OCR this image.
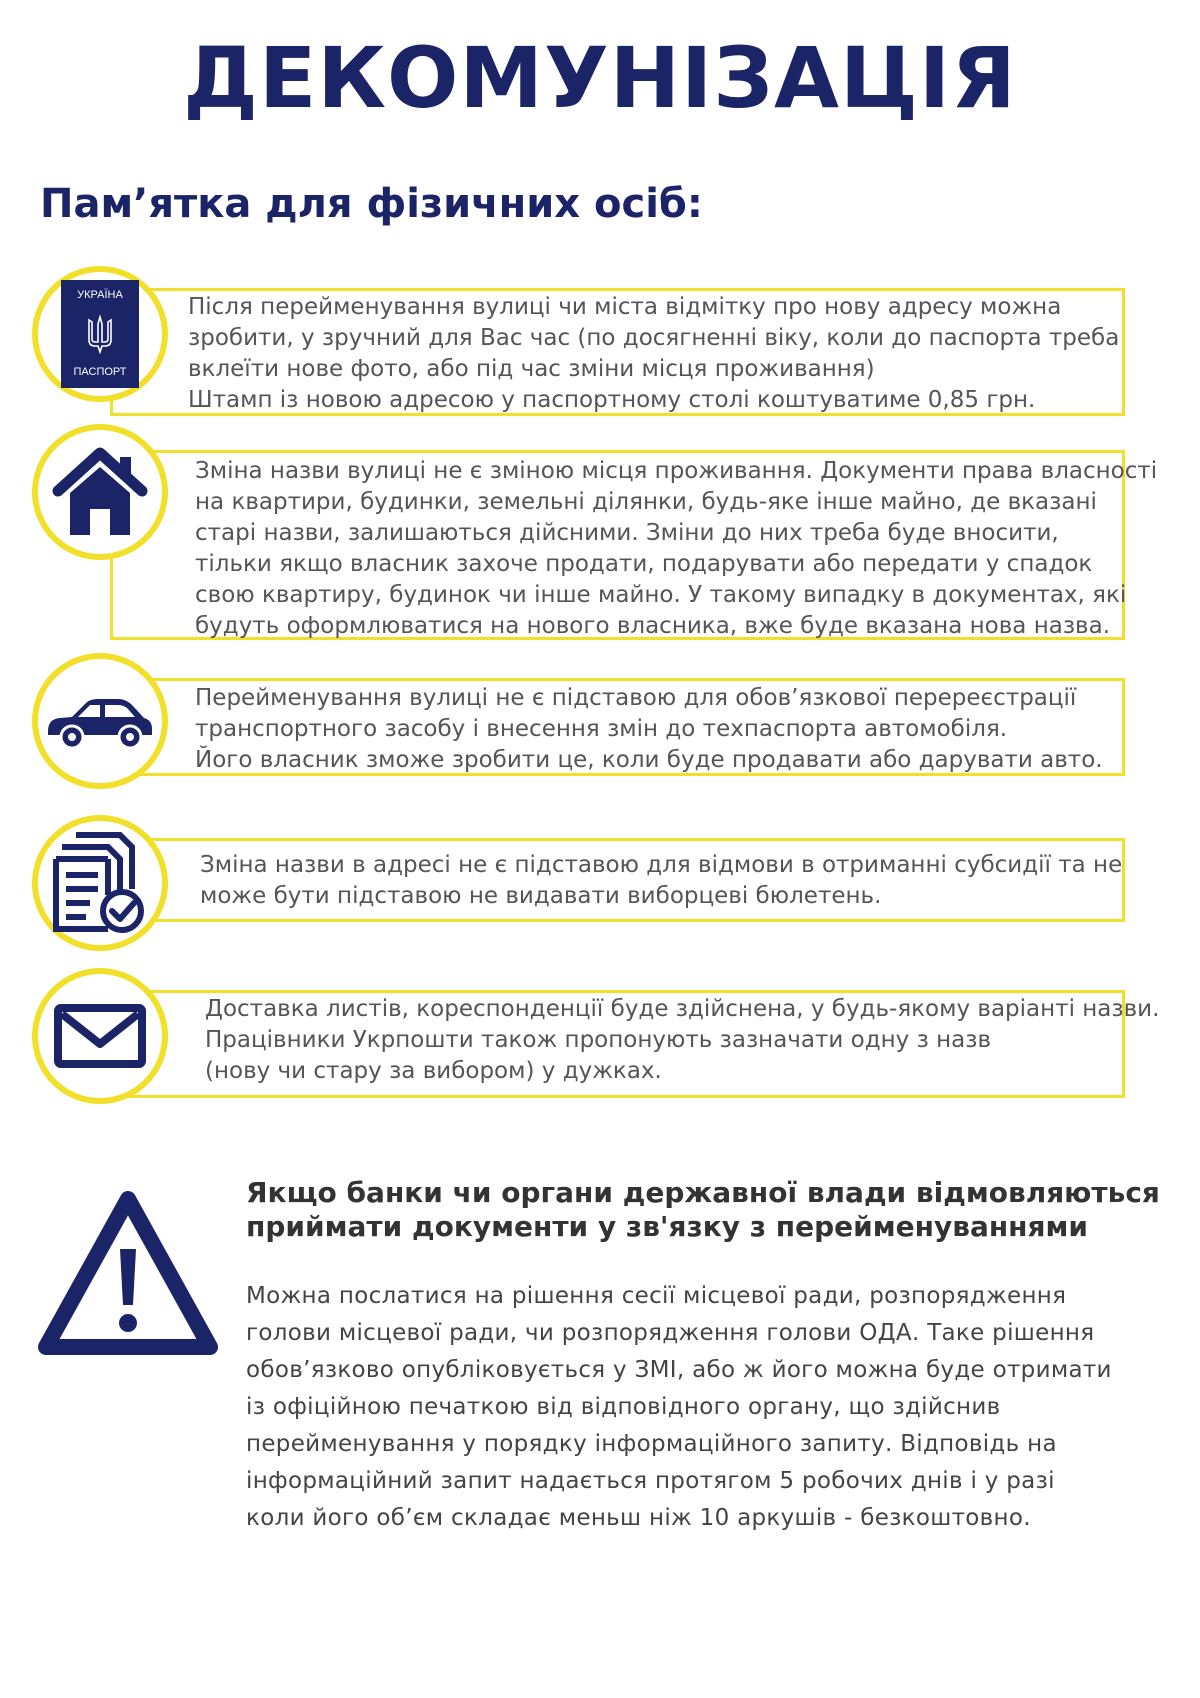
ДЕКОМУНІЗАЦІЯ
Пам’ятка для фізичних осіб:
УКРАЇНА
ПАСПОРТ
Після перейменування вулиці чи міста відмітку про нову адресу можна
зробити, у зручний для Вас час (по досягненні віку, коли до паспорта треба
вклеїти нове фото, або під час зміни місця проживання)
Штамп із новою адресою у паспортному столі коштуватиме 0,85 грн.
Зміна назви вулиці не є зміною місця проживання. Документи права власності
на квартири, будинки, земельні ділянки, будь-яке інше майно, де вказані
старі назви, залишаються дійсними. Зміни до них треба буде вносити,
тільки якщо власник захоче продати, подарувати або передати у спадок
свою квартиру, будинок чи інше майно. У такому випадку в документах, які
будуть оформлюватися на нового власника, вже буде вказана нова назва.
Перейменування вулиці не є підставою для обов’язкової перереєстрації
транспортного засобу і внесення змін до техпаспорта автомобіля.
Його власник зможе зробити це, коли буде продавати або дарувати авто.
Зміна назви в адресі не є підставою для відмови в отриманні субсидії та не
може бути підставою не видавати виборцеві бюлетень.
Доставка листів, кореспонденції буде здійснена, у будь-якому варіанті назви.
Працівники Укрпошти також пропонують зазначати одну з назв
(нову чи стару за вибором) у дужках.
Якщо банки чи органи державної влади відмовляються приймати документи у зв'язку з перейменуваннями
Можна послатися на рішення сесії місцевої ради, розпорядження
голови місцевої ради, чи розпорядження голови ОДА. Таке рішення
обов’язково опубліковується у ЗМІ, або ж його можна буде отримати
із офіційною печаткою від відповідного органу, що здійснив
перейменування у порядку інформаційного запиту. Відповідь на
інформаційний запит надається протягом 5 робочих днів і у разі
коли його об’єм складає меньш ніж 10 аркушів - безкоштовно.
